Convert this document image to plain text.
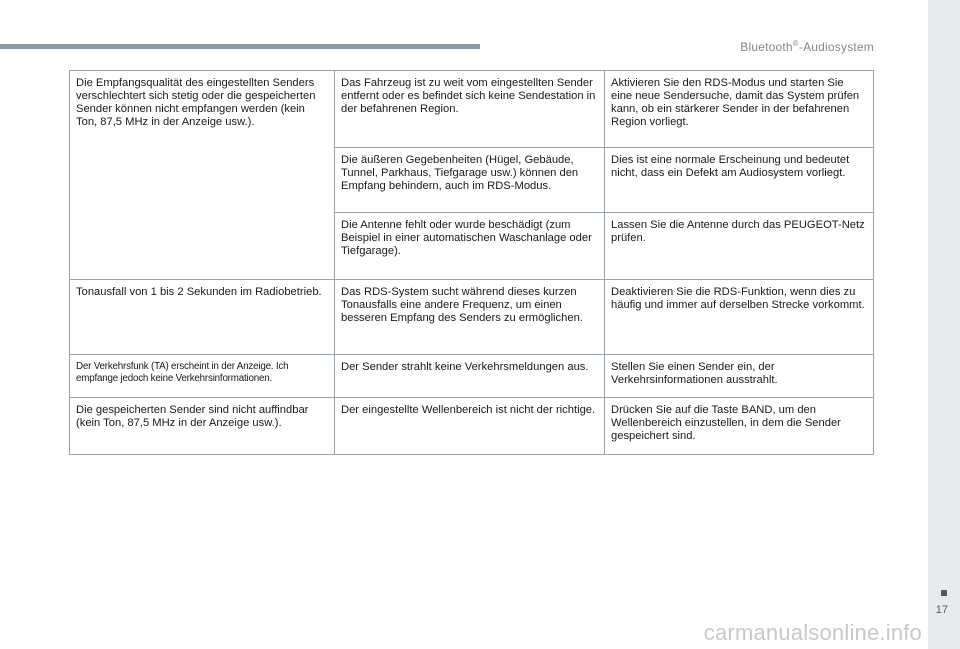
Bluetooth®-Audiosystem
17
carmanualsonline.info
Die Empfangsqualität des eingestellten Senders verschlechtert sich stetig oder die gespeicherten Sender können nicht empfangen werden (kein Ton, 87,5 MHz in der Anzeige usw.).	Das Fahrzeug ist zu weit vom eingestellten Sender entfernt oder es befindet sich keine Sendestation in der befahrenen Region.	Aktivieren Sie den RDS-Modus und starten Sie eine neue Sendersuche, damit das System prüfen kann, ob ein stärkerer Sender in der befahrenen Region vorliegt.
	Die äußeren Gegebenheiten (Hügel, Gebäude, Tunnel, Parkhaus, Tiefgarage usw.) können den Empfang behindern, auch im RDS-Modus.	Dies ist eine normale Erscheinung und bedeutet nicht, dass ein Defekt am Audiosystem vorliegt.
	Die Antenne fehlt oder wurde beschädigt (zum Beispiel in einer automatischen Waschanlage oder Tiefgarage).	Lassen Sie die Antenne durch das PEUGEOT-Netz prüfen.
Tonausfall von 1 bis 2 Sekunden im Radiobetrieb.	Das RDS-System sucht während dieses kurzen Tonausfalls eine andere Frequenz, um einen besseren Empfang des Senders zu ermöglichen.	Deaktivieren Sie die RDS-Funktion, wenn dies zu häufig und immer auf derselben Strecke vorkommt.
Der Verkehrsfunk (TA) erscheint in der Anzeige. Ich empfange jedoch keine Verkehrsinformationen.	Der Sender strahlt keine Verkehrsmeldungen aus.	Stellen Sie einen Sender ein, der Verkehrsinformationen ausstrahlt.
Die gespeicherten Sender sind nicht auffindbar (kein Ton, 87,5 MHz in der Anzeige usw.).	Der eingestellte Wellenbereich ist nicht der richtige.	Drücken Sie auf die Taste BAND, um den Wellenbereich einzustellen, in dem die Sender gespeichert sind.
